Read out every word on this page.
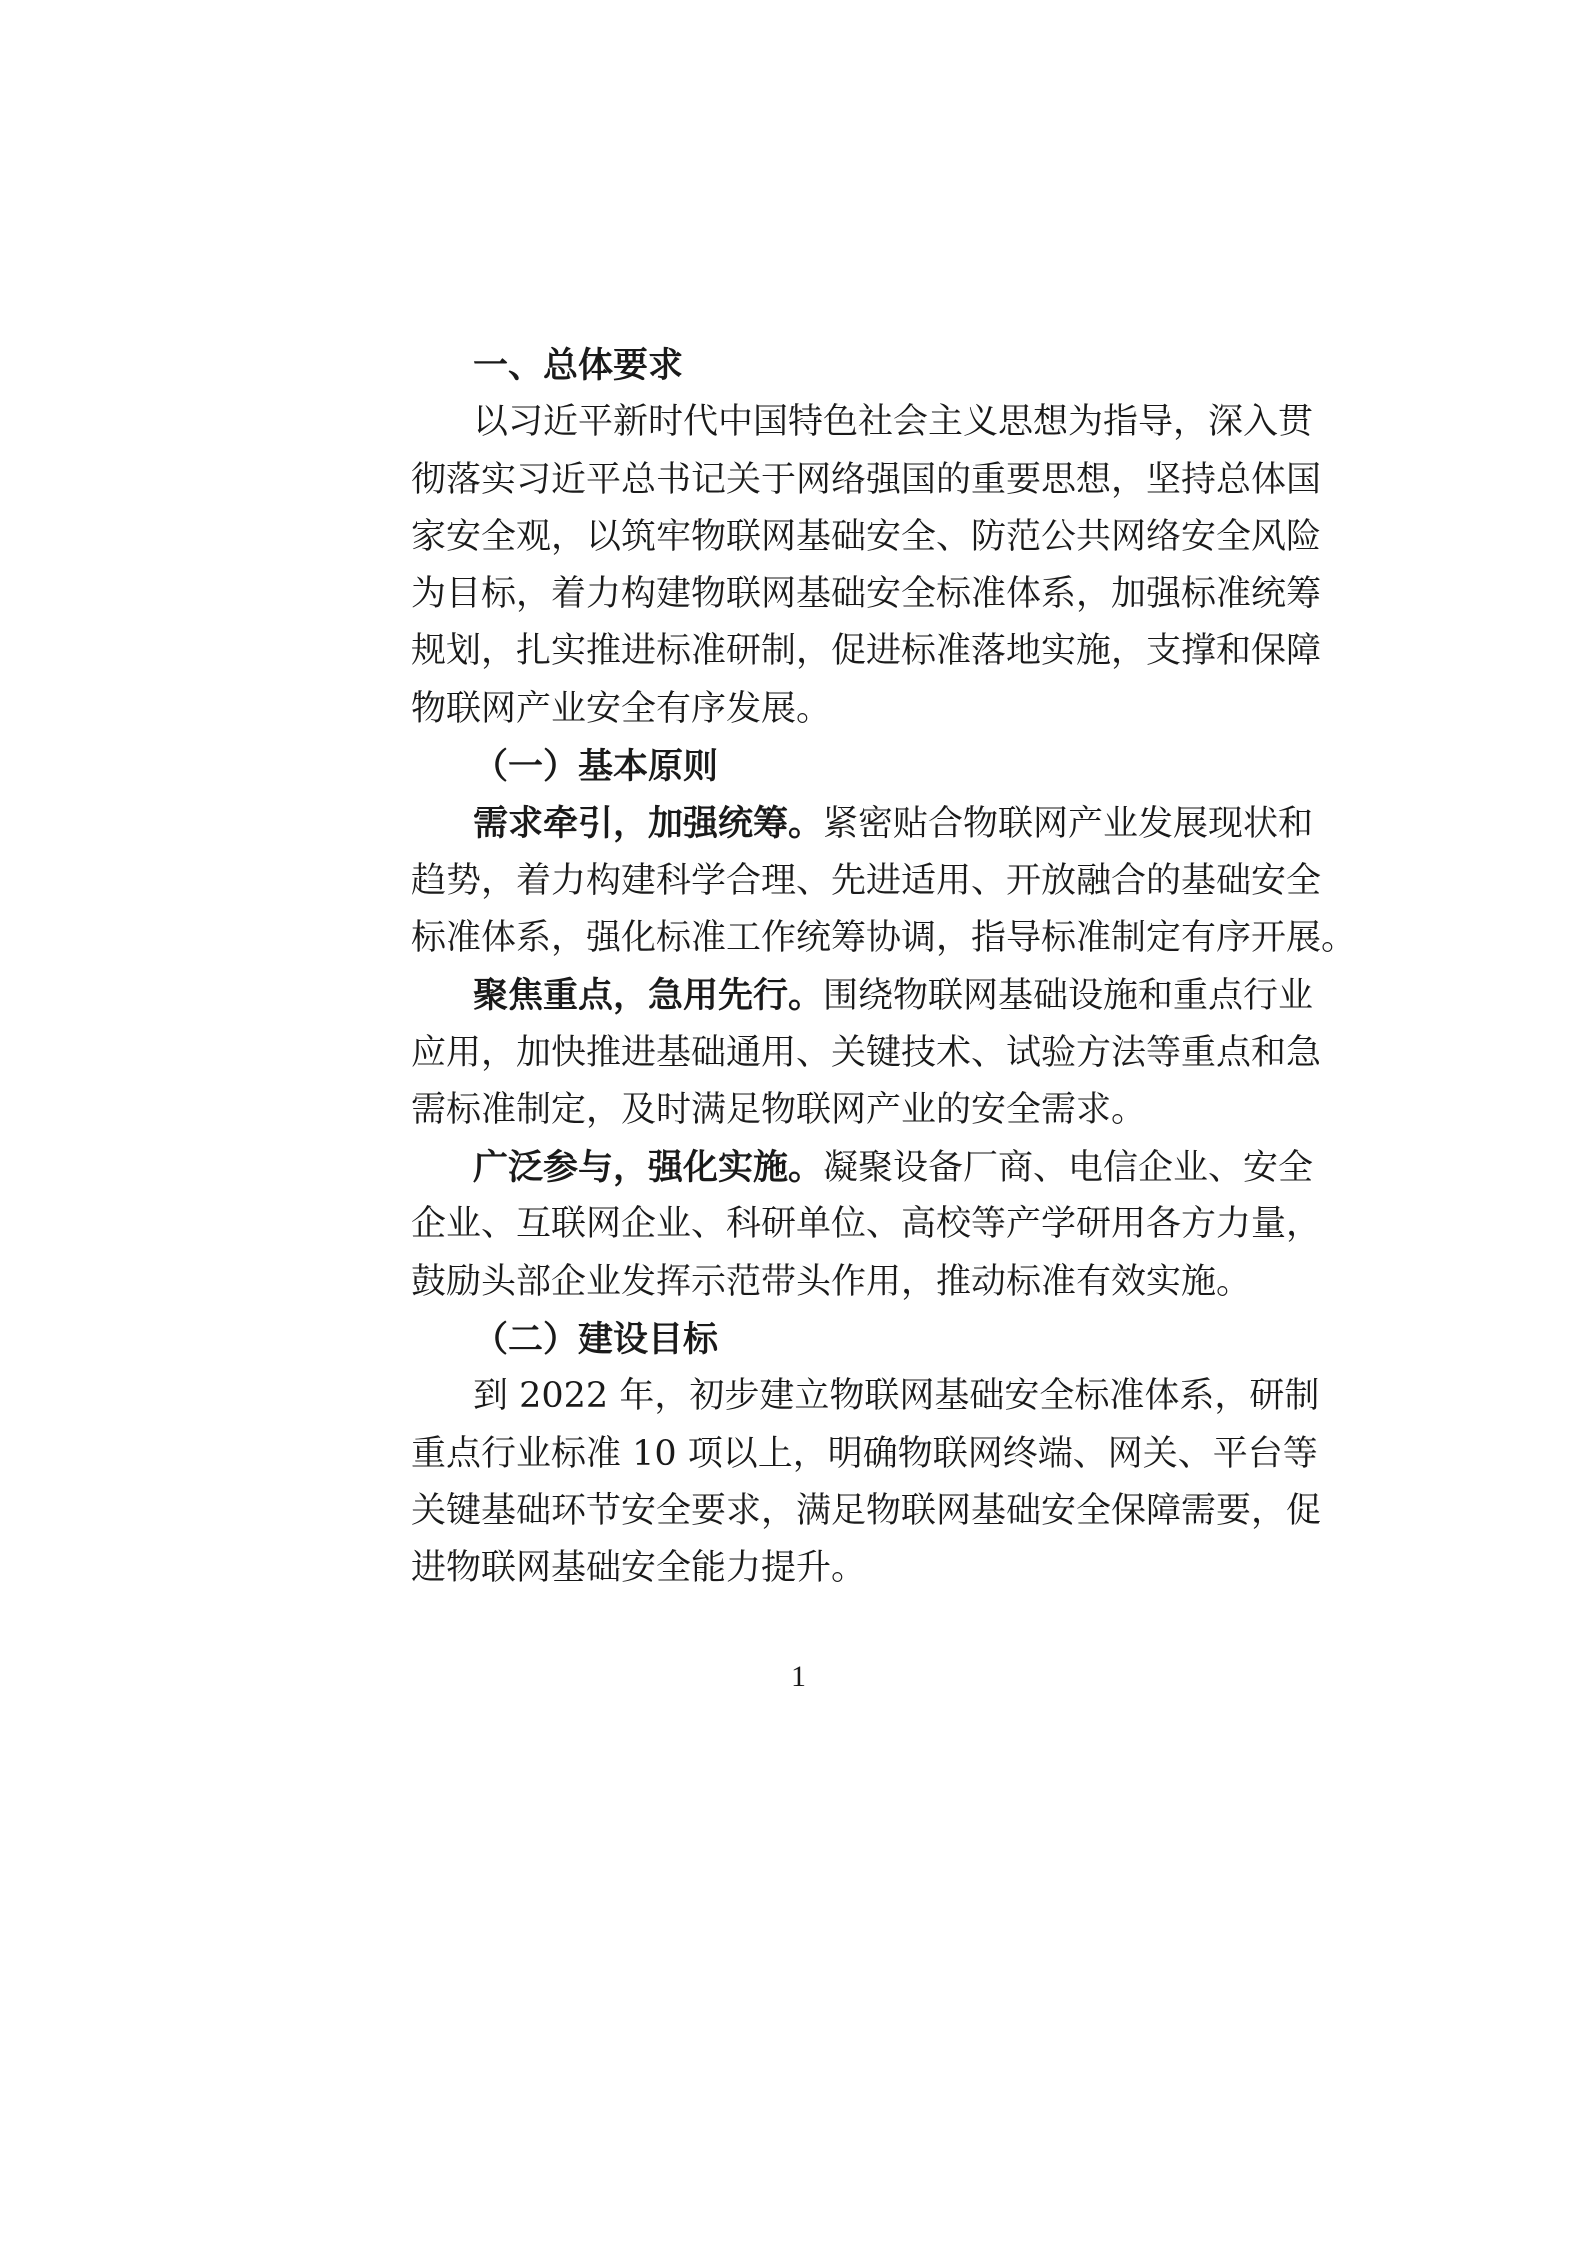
一、总体要求
以习近平新时代中国特色社会主义思想为指导，深入贯
彻落实习近平总书记关于网络强国的重要思想，坚持总体国
家安全观，以筑牢物联网基础安全、防范公共网络安全风险
为目标，着力构建物联网基础安全标准体系，加强标准统筹
规划，扎实推进标准研制，促进标准落地实施，支撑和保障
物联网产业安全有序发展。
（一）基本原则
需求牵引，加强统筹。紧密贴合物联网产业发展现状和
趋势，着力构建科学合理、先进适用、开放融合的基础安全
标准体系，强化标准工作统筹协调，指导标准制定有序开展。
聚焦重点，急用先行。围绕物联网基础设施和重点行业
应用，加快推进基础通用、关键技术、试验方法等重点和急
需标准制定，及时满足物联网产业的安全需求。
广泛参与，强化实施。凝聚设备厂商、电信企业、安全
企业、互联网企业、科研单位、高校等产学研用各方力量，
鼓励头部企业发挥示范带头作用，推动标准有效实施。
（二）建设目标
到 2022 年，初步建立物联网基础安全标准体系，研制
重点行业标准 10 项以上，明确物联网终端、网关、平台等
关键基础环节安全要求，满足物联网基础安全保障需要，促
进物联网基础安全能力提升。
1
